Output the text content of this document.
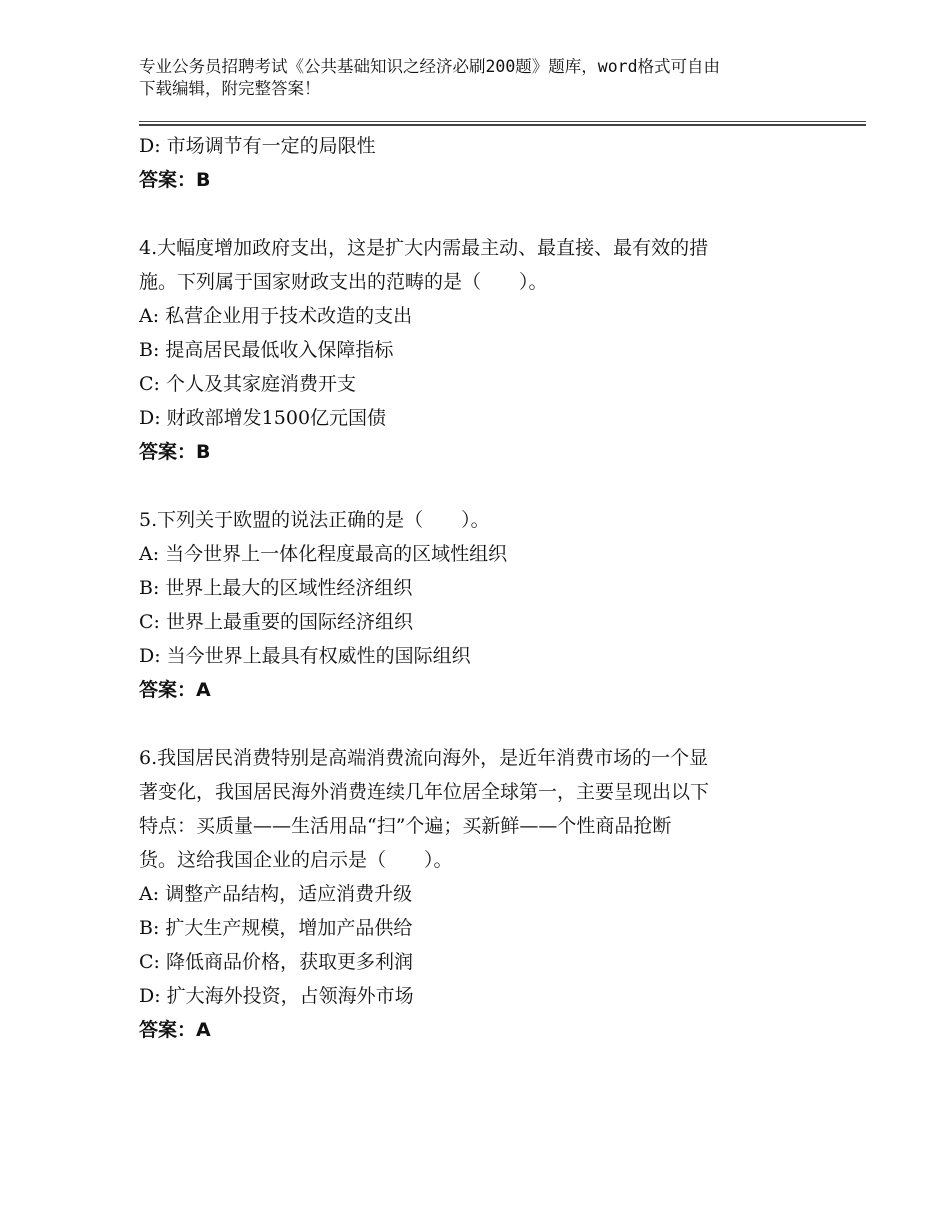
专业公务员招聘考试《公共基础知识之经济必刷200题》题库，word格式可自由
下载编辑，附完整答案！
D: 市场调节有一定的局限性
答案：B
4.大幅度增加政府支出，这是扩大内需最主动、最直接、最有效的措
施。下列属于国家财政支出的范畴的是（　　）。
A: 私营企业用于技术改造的支出
B: 提高居民最低收入保障指标
C: 个人及其家庭消费开支
D: 财政部增发1500亿元国债
答案：B
5.下列关于欧盟的说法正确的是（　　）。
A: 当今世界上一体化程度最高的区域性组织
B: 世界上最大的区域性经济组织
C: 世界上最重要的国际经济组织
D: 当今世界上最具有权威性的国际组织
答案：A
6.我国居民消费特别是高端消费流向海外，是近年消费市场的一个显
著变化，我国居民海外消费连续几年位居全球第一，主要呈现出以下
特点：买质量——生活用品“扫”个遍；买新鲜——个性商品抢断
货。这给我国企业的启示是（　　）。
A: 调整产品结构，适应消费升级
B: 扩大生产规模，增加产品供给
C: 降低商品价格，获取更多利润
D: 扩大海外投资，占领海外市场
答案：A
